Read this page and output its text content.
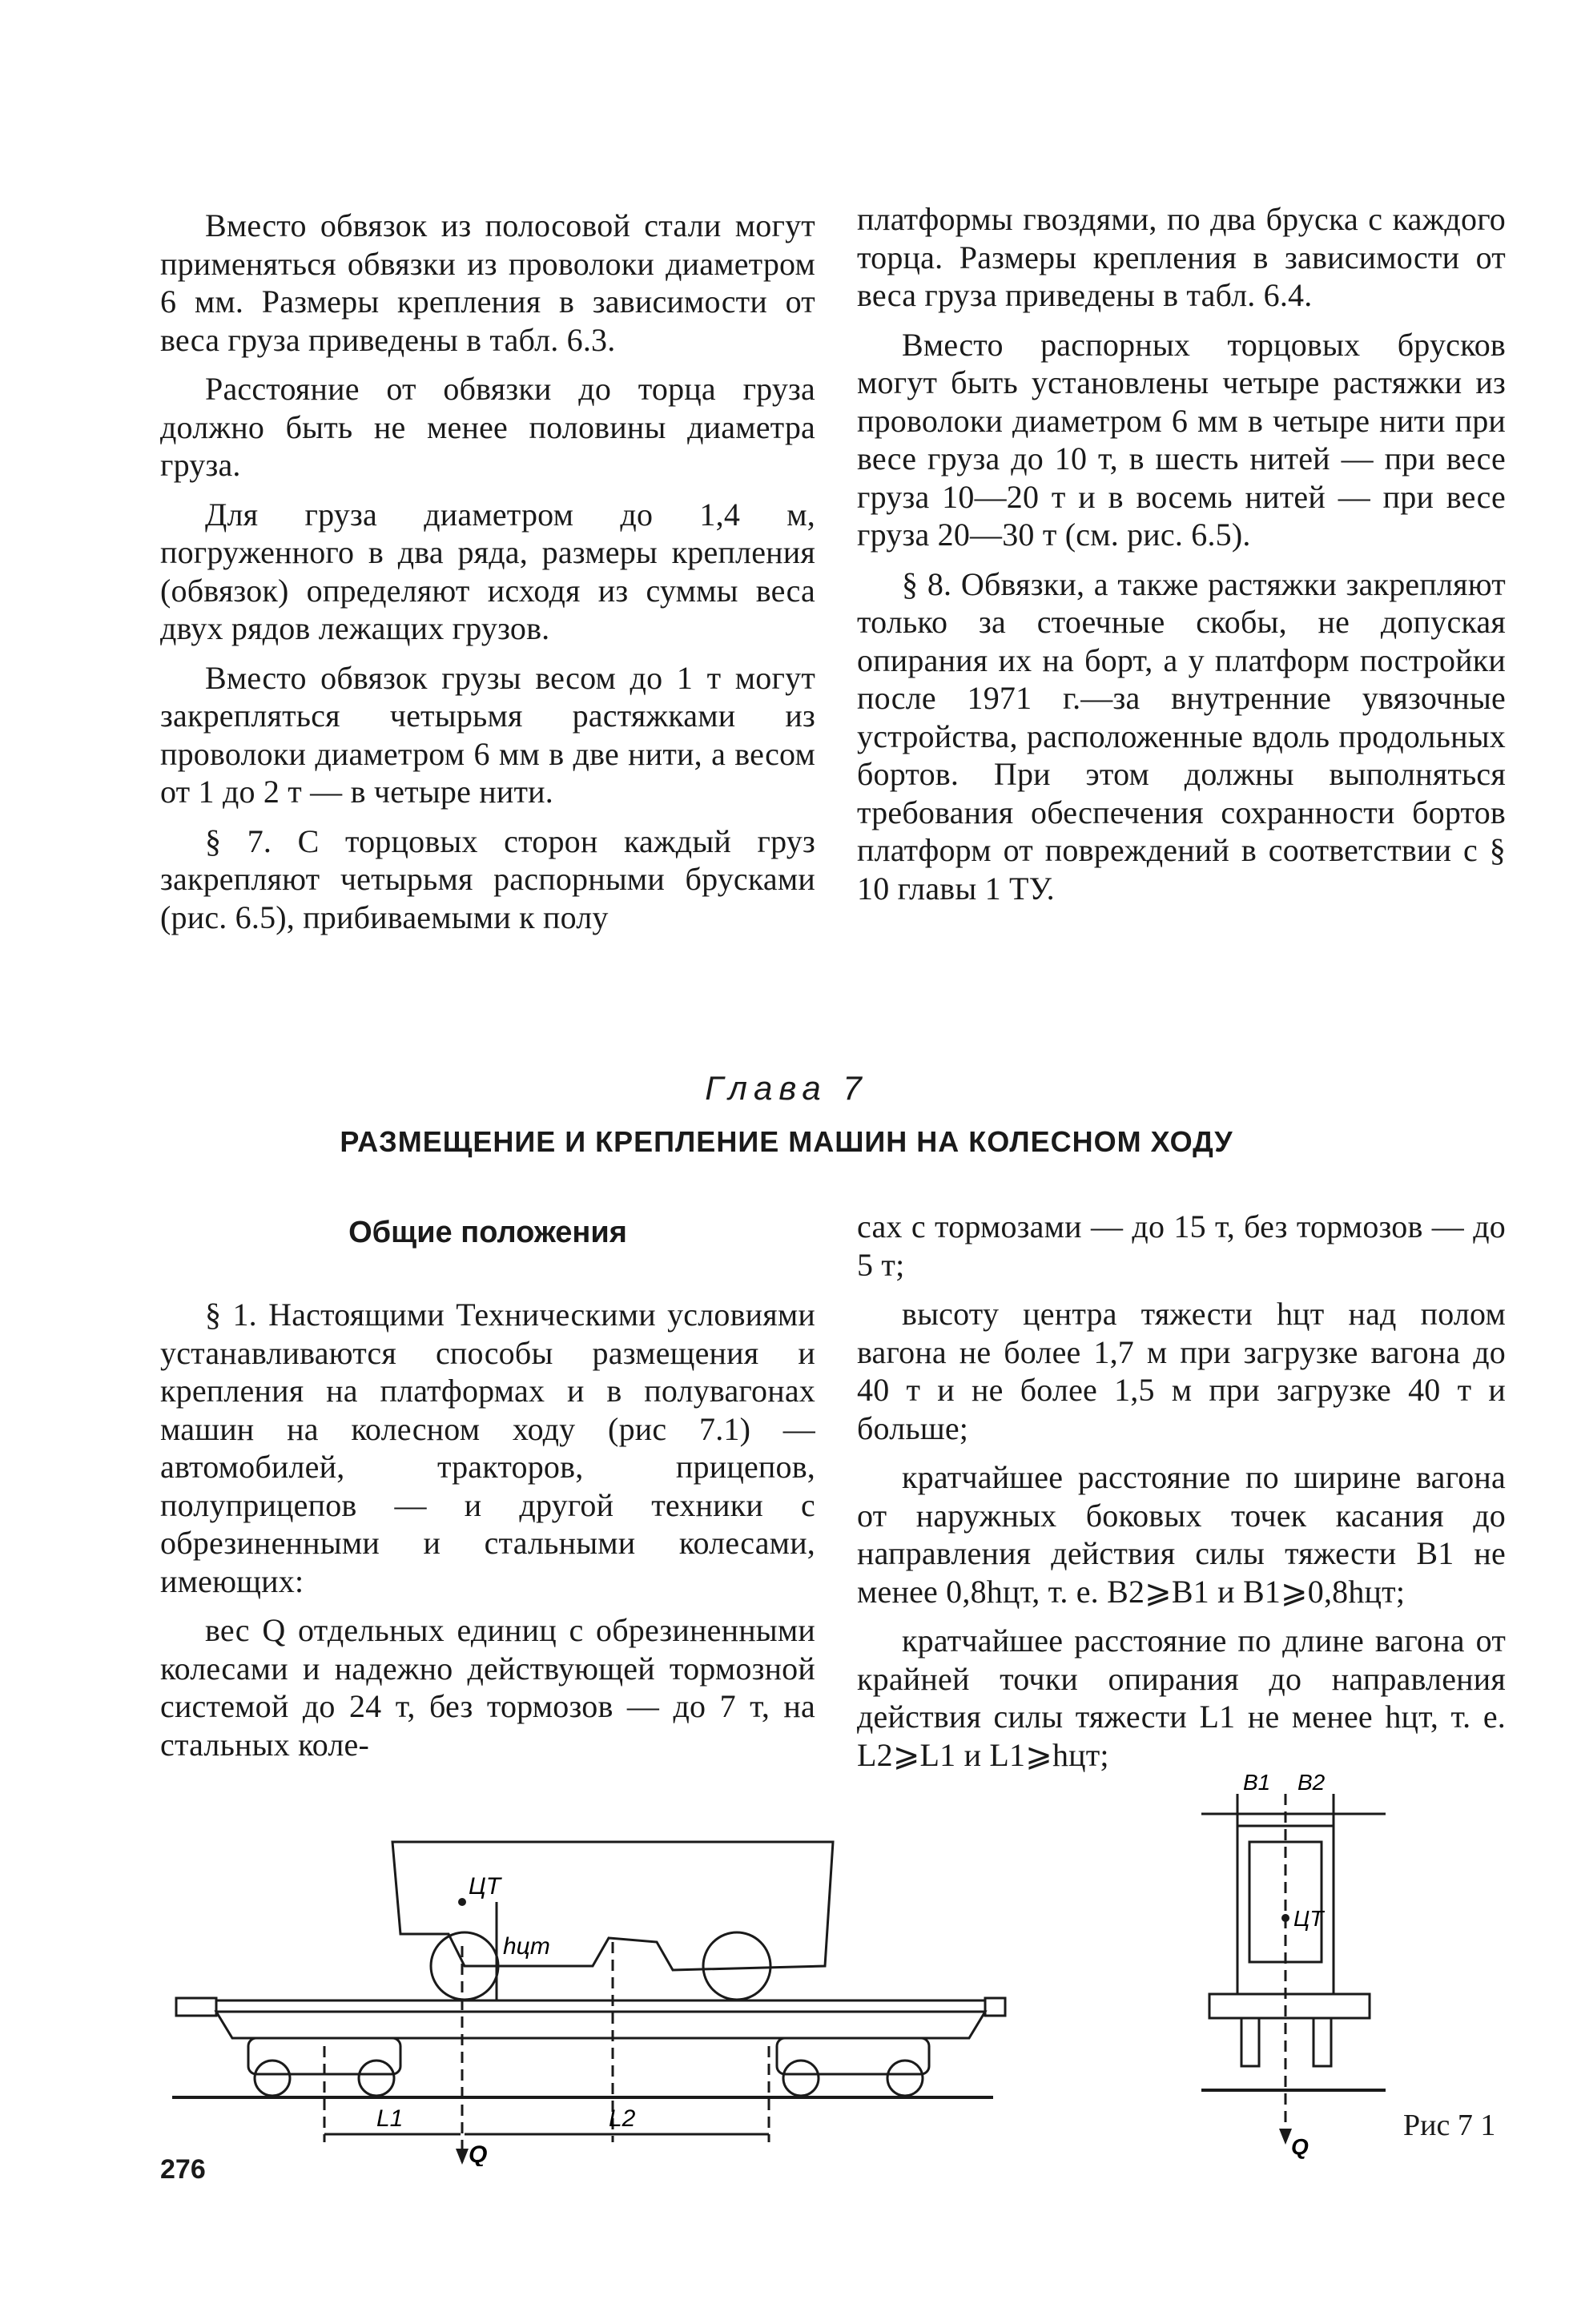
Вместо обвязок из полосовой стали могут применяться обвязки из проволоки диаметром 6 мм. Размеры крепления в зависимости от веса груза приведены в табл. 6.3.

Расстояние от обвязки до торца груза должно быть не менее половины диаметра груза.

Для груза диаметром до 1,4 м, погруженного в два ряда, размеры крепления (обвязок) определяют исходя из суммы веса двух рядов лежащих грузов.

Вместо обвязок грузы весом до 1 т могут закрепляться четырьмя растяжками из проволоки диаметром 6 мм в две нити, а весом от 1 до 2 т — в четыре нити.

§ 7. С торцовых сторон каждый груз закрепляют четырьмя распорными брусками (рис. 6.5), прибиваемыми к полу

платформы гвоздями, по два бруска с каждого торца. Размеры крепления в зависимости от веса груза приведены в табл. 6.4.

Вместо распорных торцовых брусков могут быть установлены четыре растяжки из проволоки диаметром 6 мм в четыре нити при весе груза до 10 т, в шесть нитей — при весе груза 10—20 т и в восемь нитей — при весе груза 20—30 т (см. рис. 6.5).

§ 8. Обвязки, а также растяжки закрепляют только за стоечные скобы, не допуская опирания их на борт, а у платформ постройки после 1971 г.—за внутренние увязочные устройства, расположенные вдоль продольных бортов. При этом должны выполняться требования обеспечения сохранности бортов платформ от повреждений в соответствии с § 10 главы 1 ТУ.

Глава 7
РАЗМЕЩЕНИЕ И КРЕПЛЕНИЕ МАШИН НА КОЛЕСНОМ ХОДУ
Общие положения

§ 1. Настоящими Техническими условиями устанавливаются способы размещения и крепления на платформах и в полувагонах машин на колесном ходу (рис 7.1) — автомобилей, тракторов, прицепов, полуприцепов — и другой техники с обрезиненными и стальными колесами, имеющих:

вес Q отдельных единиц с обрезиненными колесами и надежно действующей тормозной системой до 24 т, без тормозов — до 7 т, на стальных коле-

сах с тормозами — до 15 т, без тормозов — до 5 т;

высоту центра тяжести hцт над полом вагона не более 1,7 м при загрузке вагона до 40 т и не более 1,5 м при загрузке 40 т и больше;

кратчайшее расстояние по ширине вагона от наружных боковых точек касания до направления действия силы тяжести B1 не менее 0,8hцт, т. е. B2⩾B1 и B1⩾0,8hцт;

кратчайшее расстояние по длине вагона от крайней точки опирания до направления действия силы тяжести L1 не менее hцт, т. е. L2⩾L1 и L1⩾hцт;

ЦТ
hцт
L1	L2
Q
B1 B2
ЦТ
Q
Рис 7 1
276
